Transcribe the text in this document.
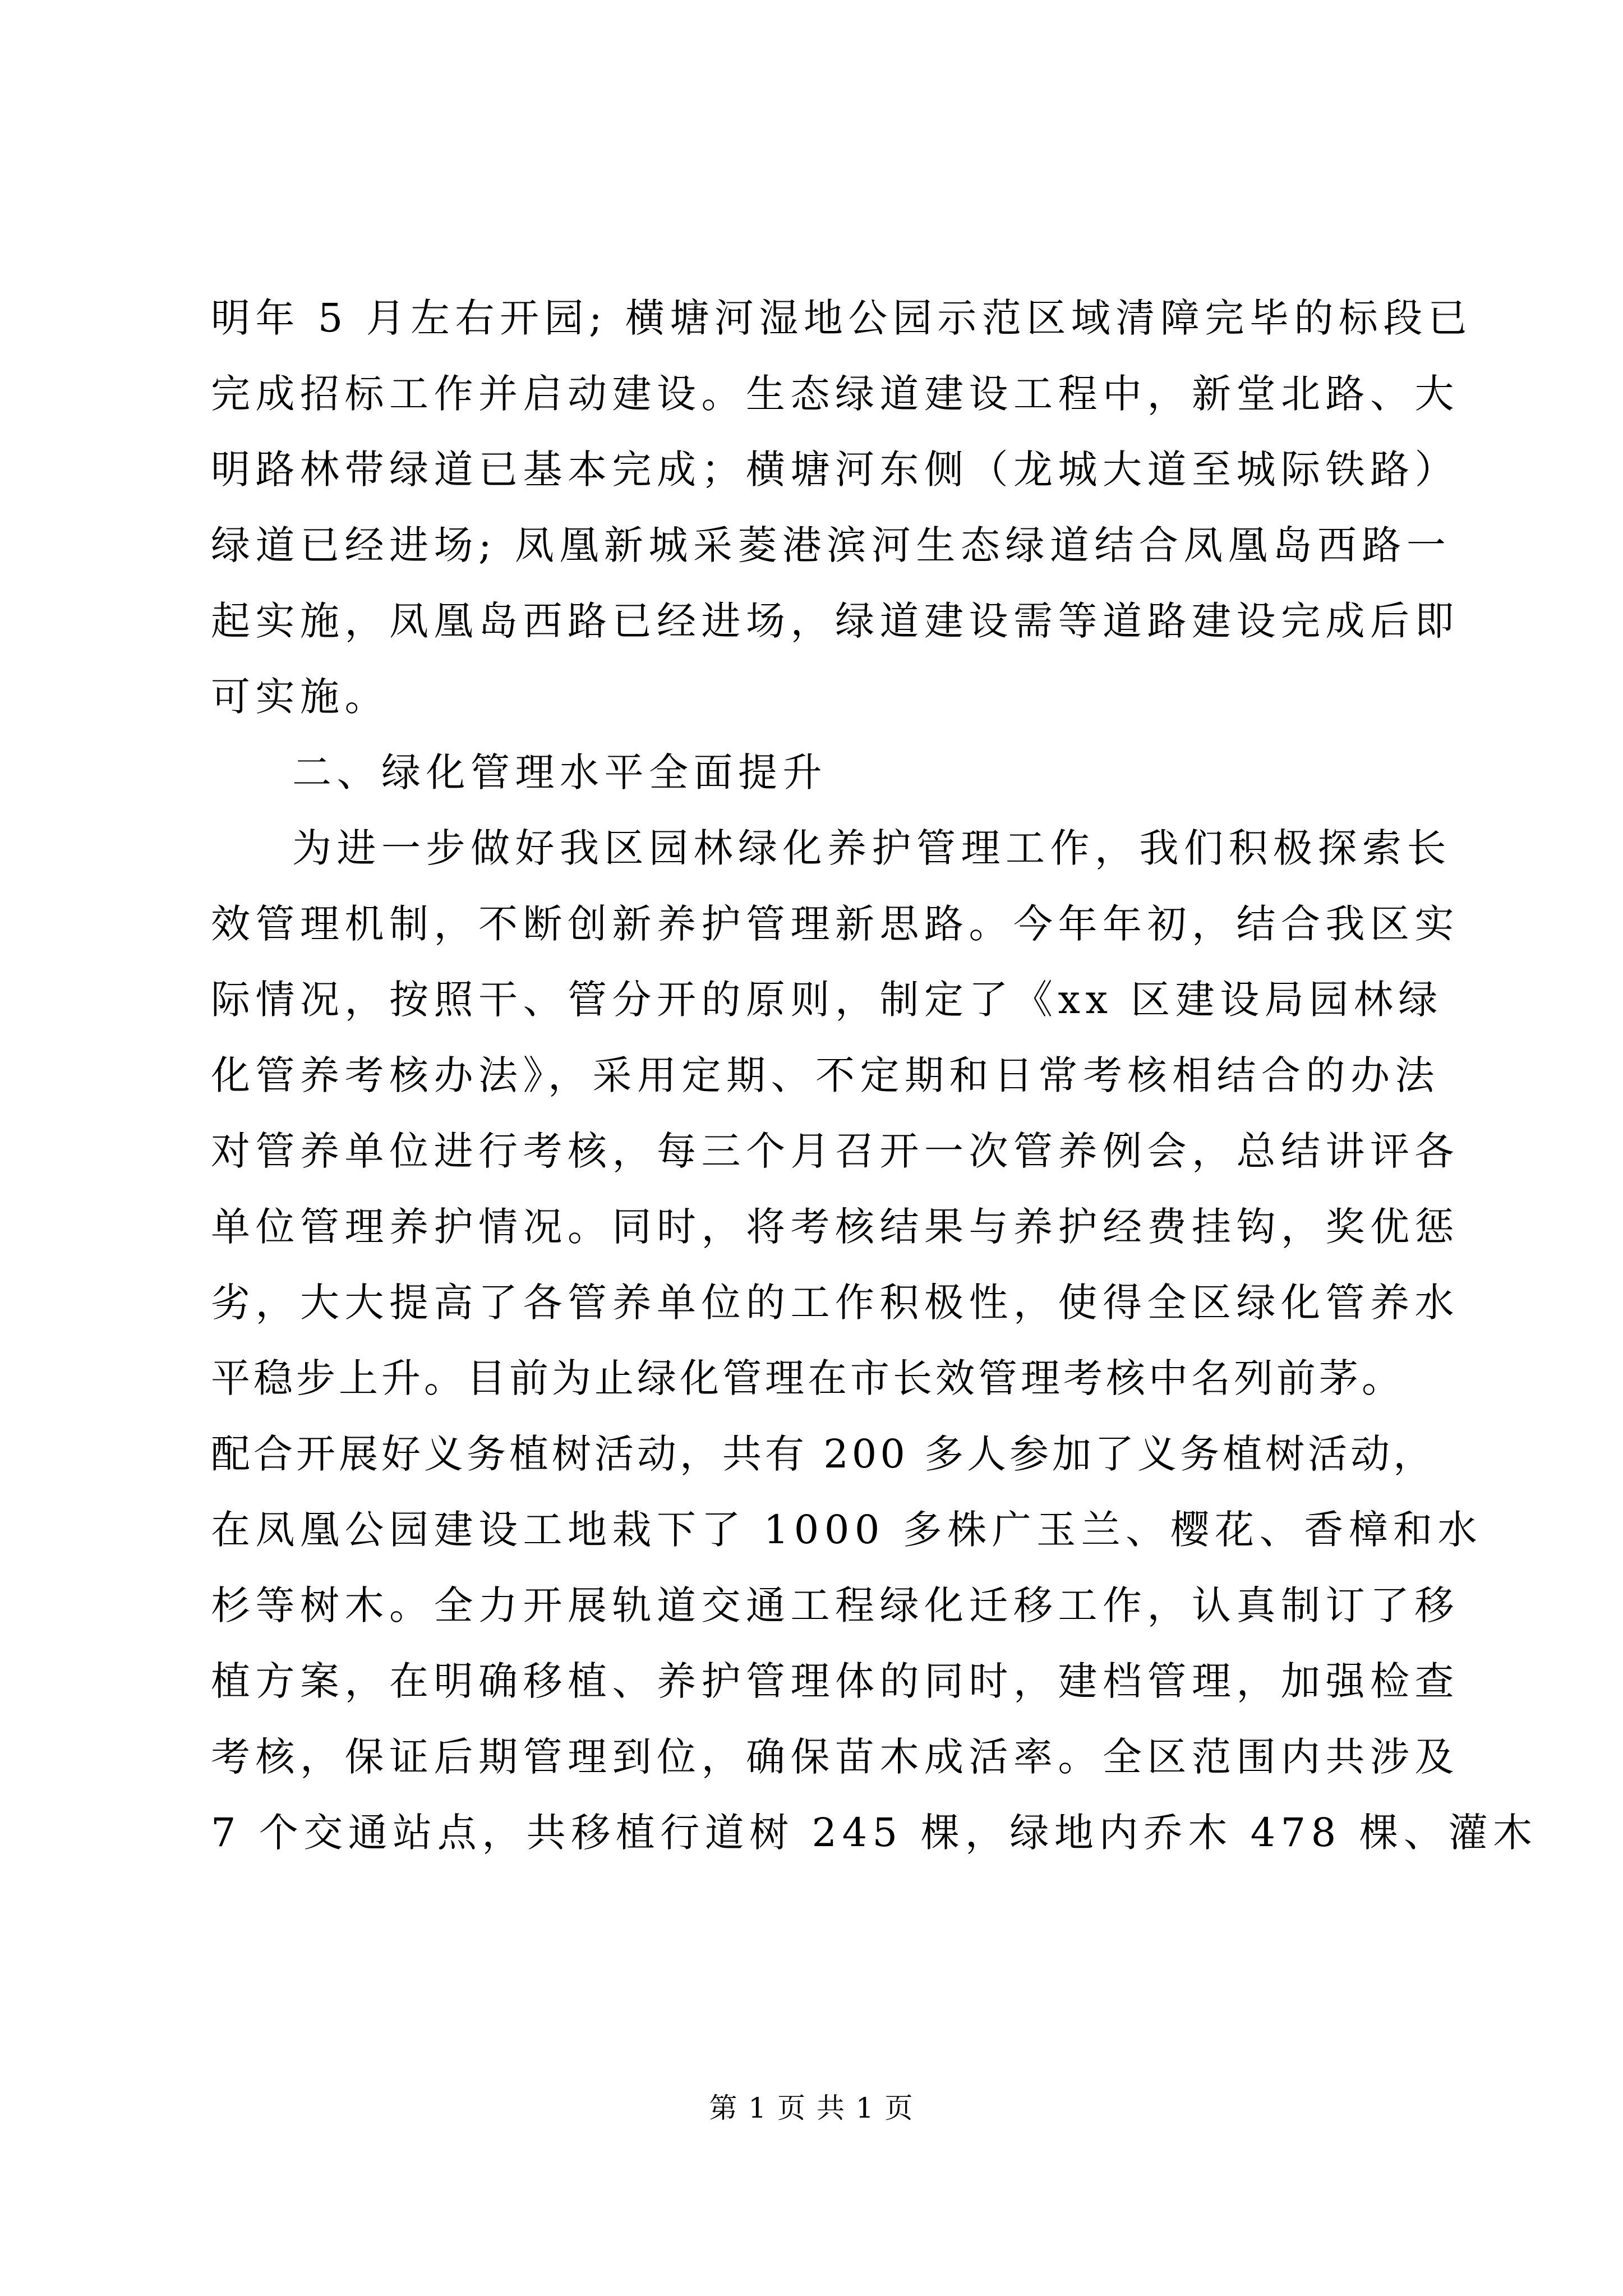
明年 5 月左右开园; 横塘河湿地公园示范区域清障完毕的标段已
完成招标工作并启动建设。生态绿道建设工程中，新堂北路、大
明路林带绿道已基本完成；横塘河东侧（龙城大道至城际铁路）
绿道已经进场; 凤凰新城采菱港滨河生态绿道结合凤凰岛西路一
起实施，凤凰岛西路已经进场，绿道建设需等道路建设完成后即
可实施。
二、绿化管理水平全面提升
为进一步做好我区园林绿化养护管理工作，我们积极探索长
效管理机制，不断创新养护管理新思路。今年年初，结合我区实
际情况，按照干、管分开的原则，制定了《xx 区建设局园林绿
化管养考核办法》，采用定期、不定期和日常考核相结合的办法
对管养单位进行考核，每三个月召开一次管养例会，总结讲评各
单位管理养护情况。同时，将考核结果与养护经费挂钩，奖优惩
劣，大大提高了各管养单位的工作积极性，使得全区绿化管养水
平稳步上升。目前为止绿化管理在市长效管理考核中名列前茅。
配合开展好义务植树活动，共有 200 多人参加了义务植树活动，
在凤凰公园建设工地栽下了 1000 多株广玉兰、樱花、香樟和水
杉等树木。全力开展轨道交通工程绿化迁移工作，认真制订了移
植方案，在明确移植、养护管理体的同时，建档管理，加强检查
考核，保证后期管理到位，确保苗木成活率。全区范围内共涉及
7 个交通站点，共移植行道树 245 棵，绿地内乔木 478 棵、灌木
第 1 页 共 1 页
